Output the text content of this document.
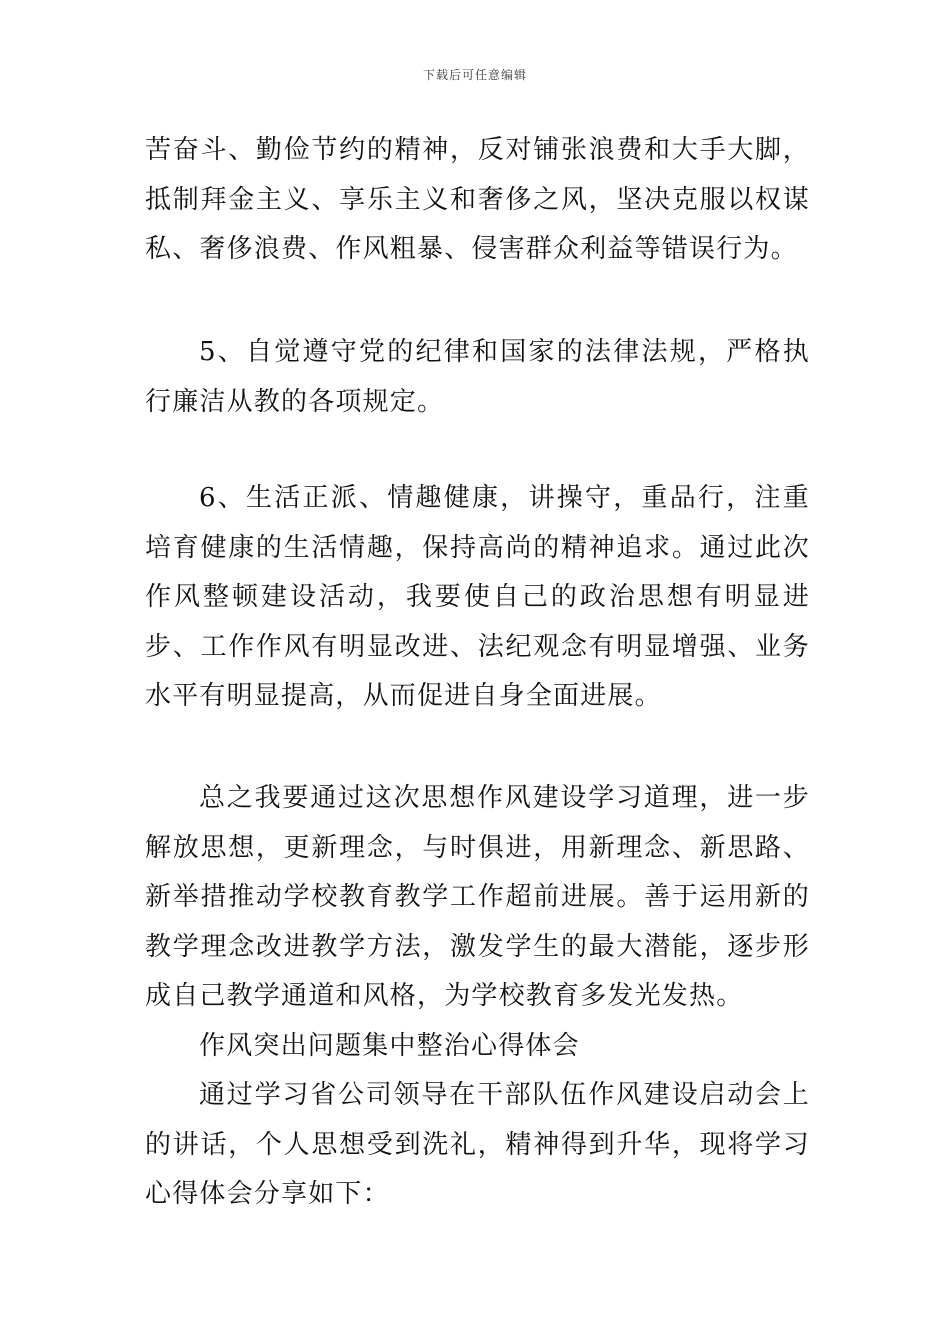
下载后可任意编辑

苦奋斗、勤俭节约的精神，反对铺张浪费和大手大脚，抵制拜金主义、享乐主义和奢侈之风，坚决克服以权谋私、奢侈浪费、作风粗暴、侵害群众利益等错误行为。

5、自觉遵守党的纪律和国家的法律法规，严格执行廉洁从教的各项规定。

6、生活正派、情趣健康，讲操守，重品行，注重培育健康的生活情趣，保持高尚的精神追求。通过此次作风整顿建设活动，我要使自己的政治思想有明显进步、工作作风有明显改进、法纪观念有明显增强、业务水平有明显提高，从而促进自身全面进展。

总之我要通过这次思想作风建设学习道理，进一步解放思想，更新理念，与时俱进，用新理念、新思路、新举措推动学校教育教学工作超前进展。善于运用新的教学理念改进教学方法，激发学生的最大潜能，逐步形成自己教学通道和风格，为学校教育多发光发热。

作风突出问题集中整治心得体会

通过学习省公司领导在干部队伍作风建设启动会上的讲话，个人思想受到洗礼，精神得到升华，现将学习心得体会分享如下：
